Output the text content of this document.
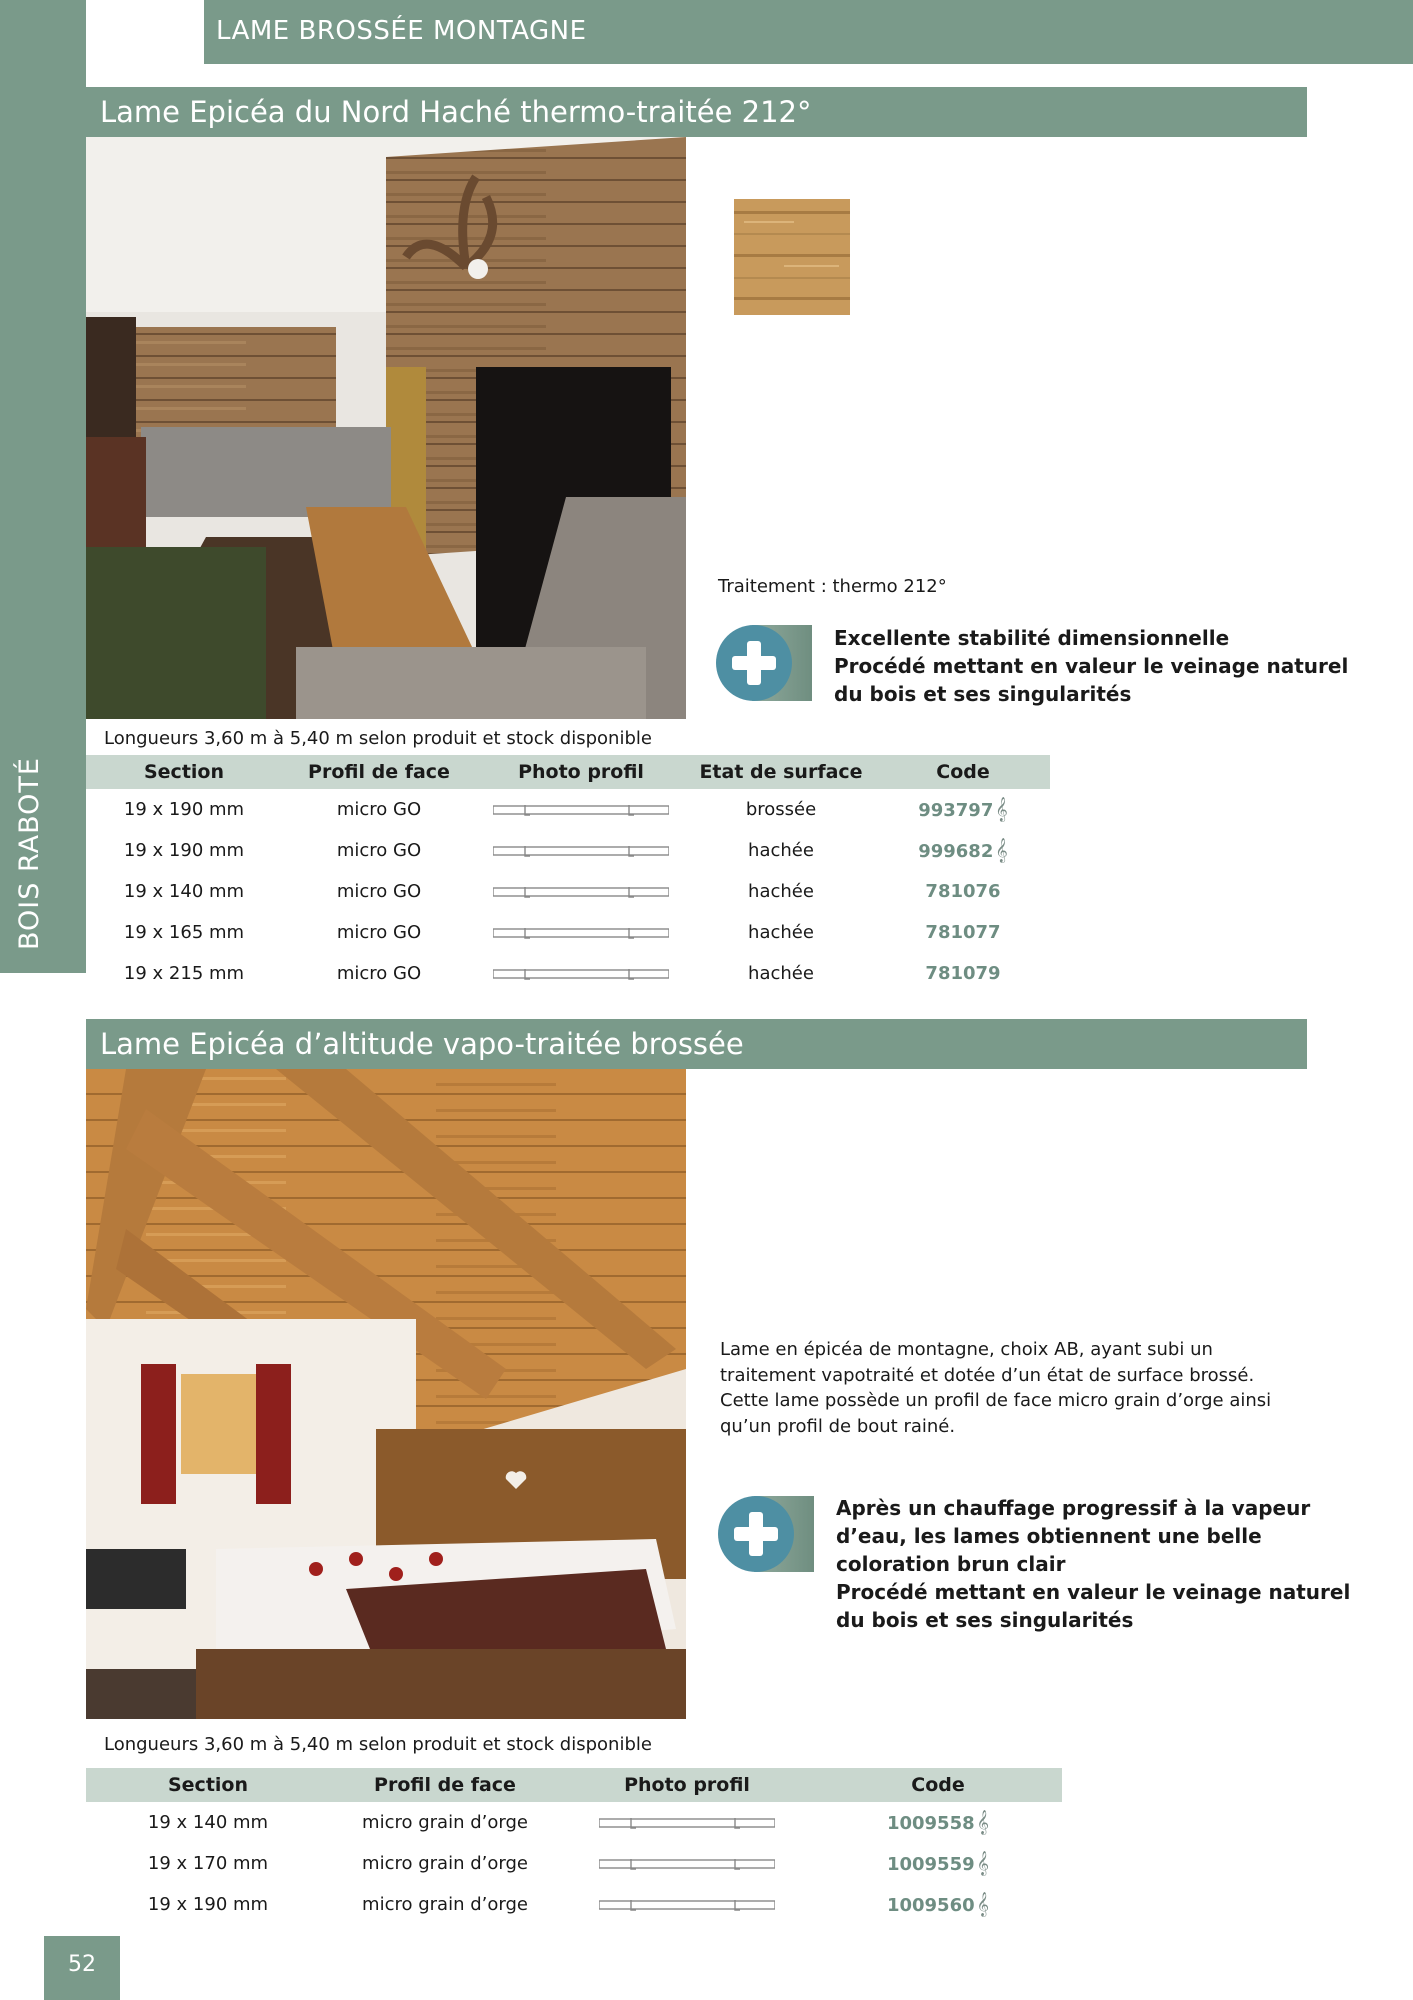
BOIS RABOTÉ
LAME BROSSÉE MONTAGNE
Lame Epicéa du Nord Haché thermo-traitée 212°
Traitement : thermo 212°
Excellente stabilité dimensionnelle
Procédé mettant en valeur le veinage naturel
du bois et ses singularités
Longueurs 3,60 m à 5,40 m selon produit et stock disponible
Section	Profil de face	Photo profil	Etat de surface	Code
19 x 190 mm	micro GO		brossée	993797𝄞
19 x 190 mm	micro GO		hachée	999682𝄞
19 x 140 mm	micro GO		hachée	781076
19 x 165 mm	micro GO		hachée	781077
19 x 215 mm	micro GO		hachée	781079
Lame Epicéa d’altitude vapo-traitée brossée
Lame en épicéa de montagne, choix AB, ayant subi un traitement vapotraité et dotée d’un état de surface brossé. Cette lame possède un profil de face micro grain d’orge ainsi qu’un profil de bout rainé.
Après un chauffage progressif à la vapeur
d’eau, les lames obtiennent une belle
coloration brun clair
Procédé mettant en valeur le veinage naturel
du bois et ses singularités
Longueurs 3,60 m à 5,40 m selon produit et stock disponible
Section	Profil de face	Photo profil	Code
19 x 140 mm	micro grain d’orge		1009558𝄞
19 x 170 mm	micro grain d’orge		1009559𝄞
19 x 190 mm	micro grain d’orge		1009560𝄞
52
